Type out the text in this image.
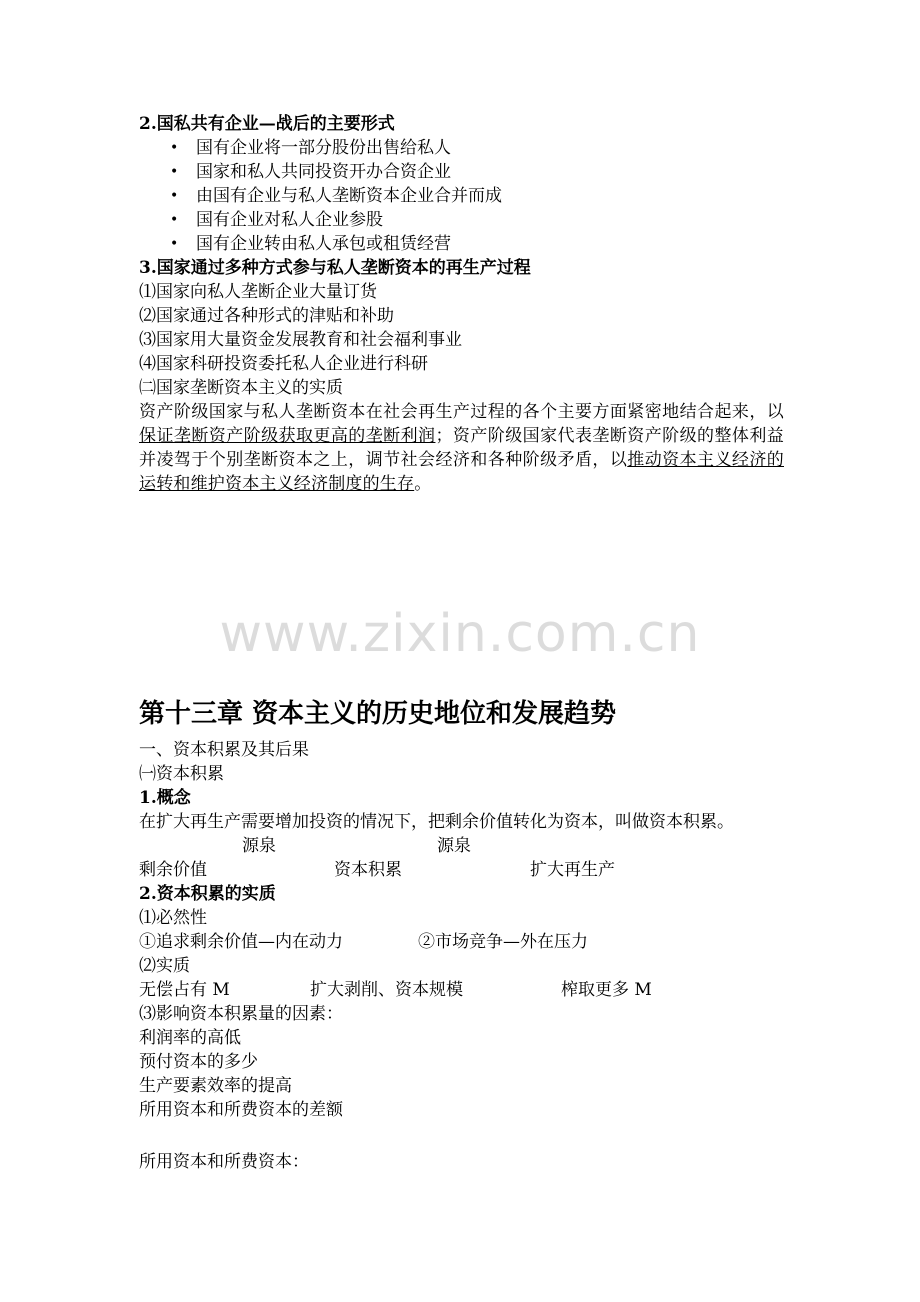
2.国私共有企业—战后的主要形式
• 国有企业将一部分股份出售给私人
• 国家和私人共同投资开办合资企业
• 由国有企业与私人垄断资本企业合并而成
• 国有企业对私人企业参股
• 国有企业转由私人承包或租赁经营
3.国家通过多种方式参与私人垄断资本的再生产过程
⑴国家向私人垄断企业大量订货
⑵国家通过各种形式的津贴和补助
⑶国家用大量资金发展教育和社会福利事业
⑷国家科研投资委托私人企业进行科研
㈡国家垄断资本主义的实质
资产阶级国家与私人垄断资本在社会再生产过程的各个主要方面紧密地结合起来，以保证垄断资产阶级获取更高的垄断利润；资产阶级国家代表垄断资产阶级的整体利益并凌驾于个别垄断资本之上，调节社会经济和各种阶级矛盾，以推动资本主义经济的运转和维护资本主义经济制度的生存。
www.zixin.com.cn
第十三章 资本主义的历史地位和发展趋势
一、资本积累及其后果
㈠资本积累
1.概念
在扩大再生产需要增加投资的情况下，把剩余价值转化为资本，叫做资本积累。
源泉	源泉
剩余价值	资本积累	扩大再生产
2.资本积累的实质
⑴必然性
①追求剩余价值—内在动力	②市场竞争—外在压力
⑵实质
无偿占有 M	扩大剥削、资本规模	榨取更多 M
⑶影响资本积累量的因素：
利润率的高低
预付资本的多少
生产要素效率的提高
所用资本和所费资本的差额
所用资本和所费资本：
